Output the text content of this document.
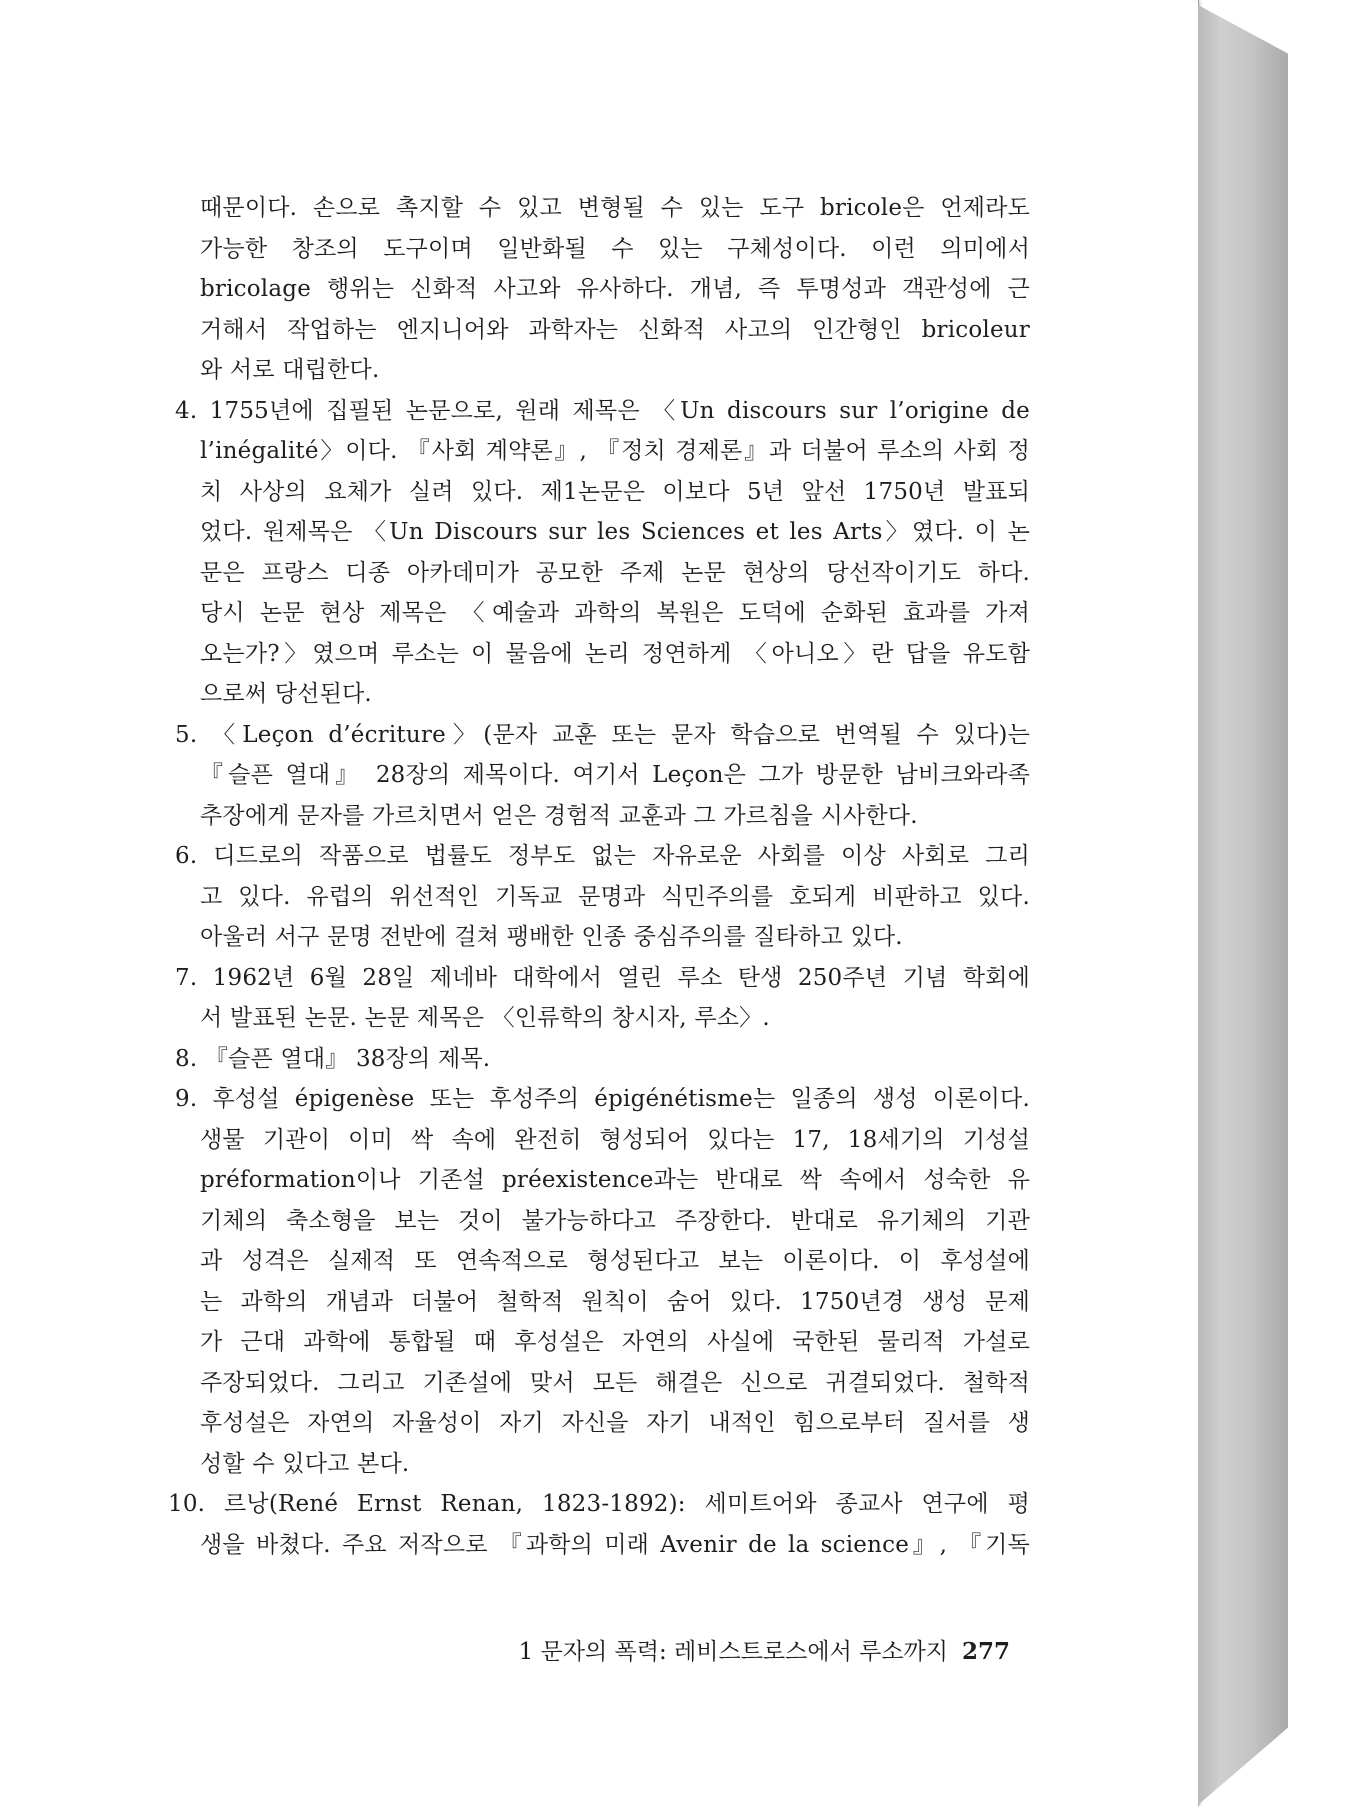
때문이다. 손으로 촉지할 수 있고 변형될 수 있는 도구 bricole은 언제라도
가능한 창조의 도구이며 일반화될 수 있는 구체성이다. 이런 의미에서
bricolage 행위는 신화적 사고와 유사하다. 개념, 즉 투명성과 객관성에 근
거해서 작업하는 엔지니어와 과학자는 신화적 사고의 인간형인 bricoleur
와 서로 대립한다.
4. 1755년에 집필된 논문으로, 원래 제목은 〈Un discours sur l’origine de
l’inégalité〉이다. 『사회 계약론』, 『정치 경제론』과 더불어 루소의 사회 정
치 사상의 요체가 실려 있다. 제1논문은 이보다 5년 앞선 1750년 발표되
었다. 원제목은 〈Un Discours sur les Sciences et les Arts〉였다. 이 논
문은 프랑스 디종 아카데미가 공모한 주제 논문 현상의 당선작이기도 하다.
당시 논문 현상 제목은 〈예술과 과학의 복원은 도덕에 순화된 효과를 가져
오는가?〉였으며 루소는 이 물음에 논리 정연하게 〈아니오〉란 답을 유도함
으로써 당선된다.
5. 〈Leçon d’écriture〉(문자 교훈 또는 문자 학습으로 번역될 수 있다)는
『슬픈 열대』 28장의 제목이다. 여기서 Leçon은 그가 방문한 남비크와라족
추장에게 문자를 가르치면서 얻은 경험적 교훈과 그 가르침을 시사한다.
6. 디드로의 작품으로 법률도 정부도 없는 자유로운 사회를 이상 사회로 그리
고 있다. 유럽의 위선적인 기독교 문명과 식민주의를 호되게 비판하고 있다.
아울러 서구 문명 전반에 걸쳐 팽배한 인종 중심주의를 질타하고 있다.
7. 1962년 6월 28일 제네바 대학에서 열린 루소 탄생 250주년 기념 학회에
서 발표된 논문. 논문 제목은 〈인류학의 창시자, 루소〉.
8. 『슬픈 열대』 38장의 제목.
9. 후성설 épigenèse 또는 후성주의 épigénétisme는 일종의 생성 이론이다.
생물 기관이 이미 싹 속에 완전히 형성되어 있다는 17, 18세기의 기성설
préformation이나 기존설 préexistence과는 반대로 싹 속에서 성숙한 유
기체의 축소형을 보는 것이 불가능하다고 주장한다. 반대로 유기체의 기관
과 성격은 실제적 또 연속적으로 형성된다고 보는 이론이다. 이 후성설에
는 과학의 개념과 더불어 철학적 원칙이 숨어 있다. 1750년경 생성 문제
가 근대 과학에 통합될 때 후성설은 자연의 사실에 국한된 물리적 가설로
주장되었다. 그리고 기존설에 맞서 모든 해결은 신으로 귀결되었다. 철학적
후성설은 자연의 자율성이 자기 자신을 자기 내적인 힘으로부터 질서를 생
성할 수 있다고 본다.
10. 르낭(René Ernst Renan, 1823-1892): 세미트어와 종교사 연구에 평
생을 바쳤다. 주요 저작으로 『과학의 미래 Avenir de la science』, 『기독
1 문자의 폭력: 레비스트로스에서 루소까지 277
